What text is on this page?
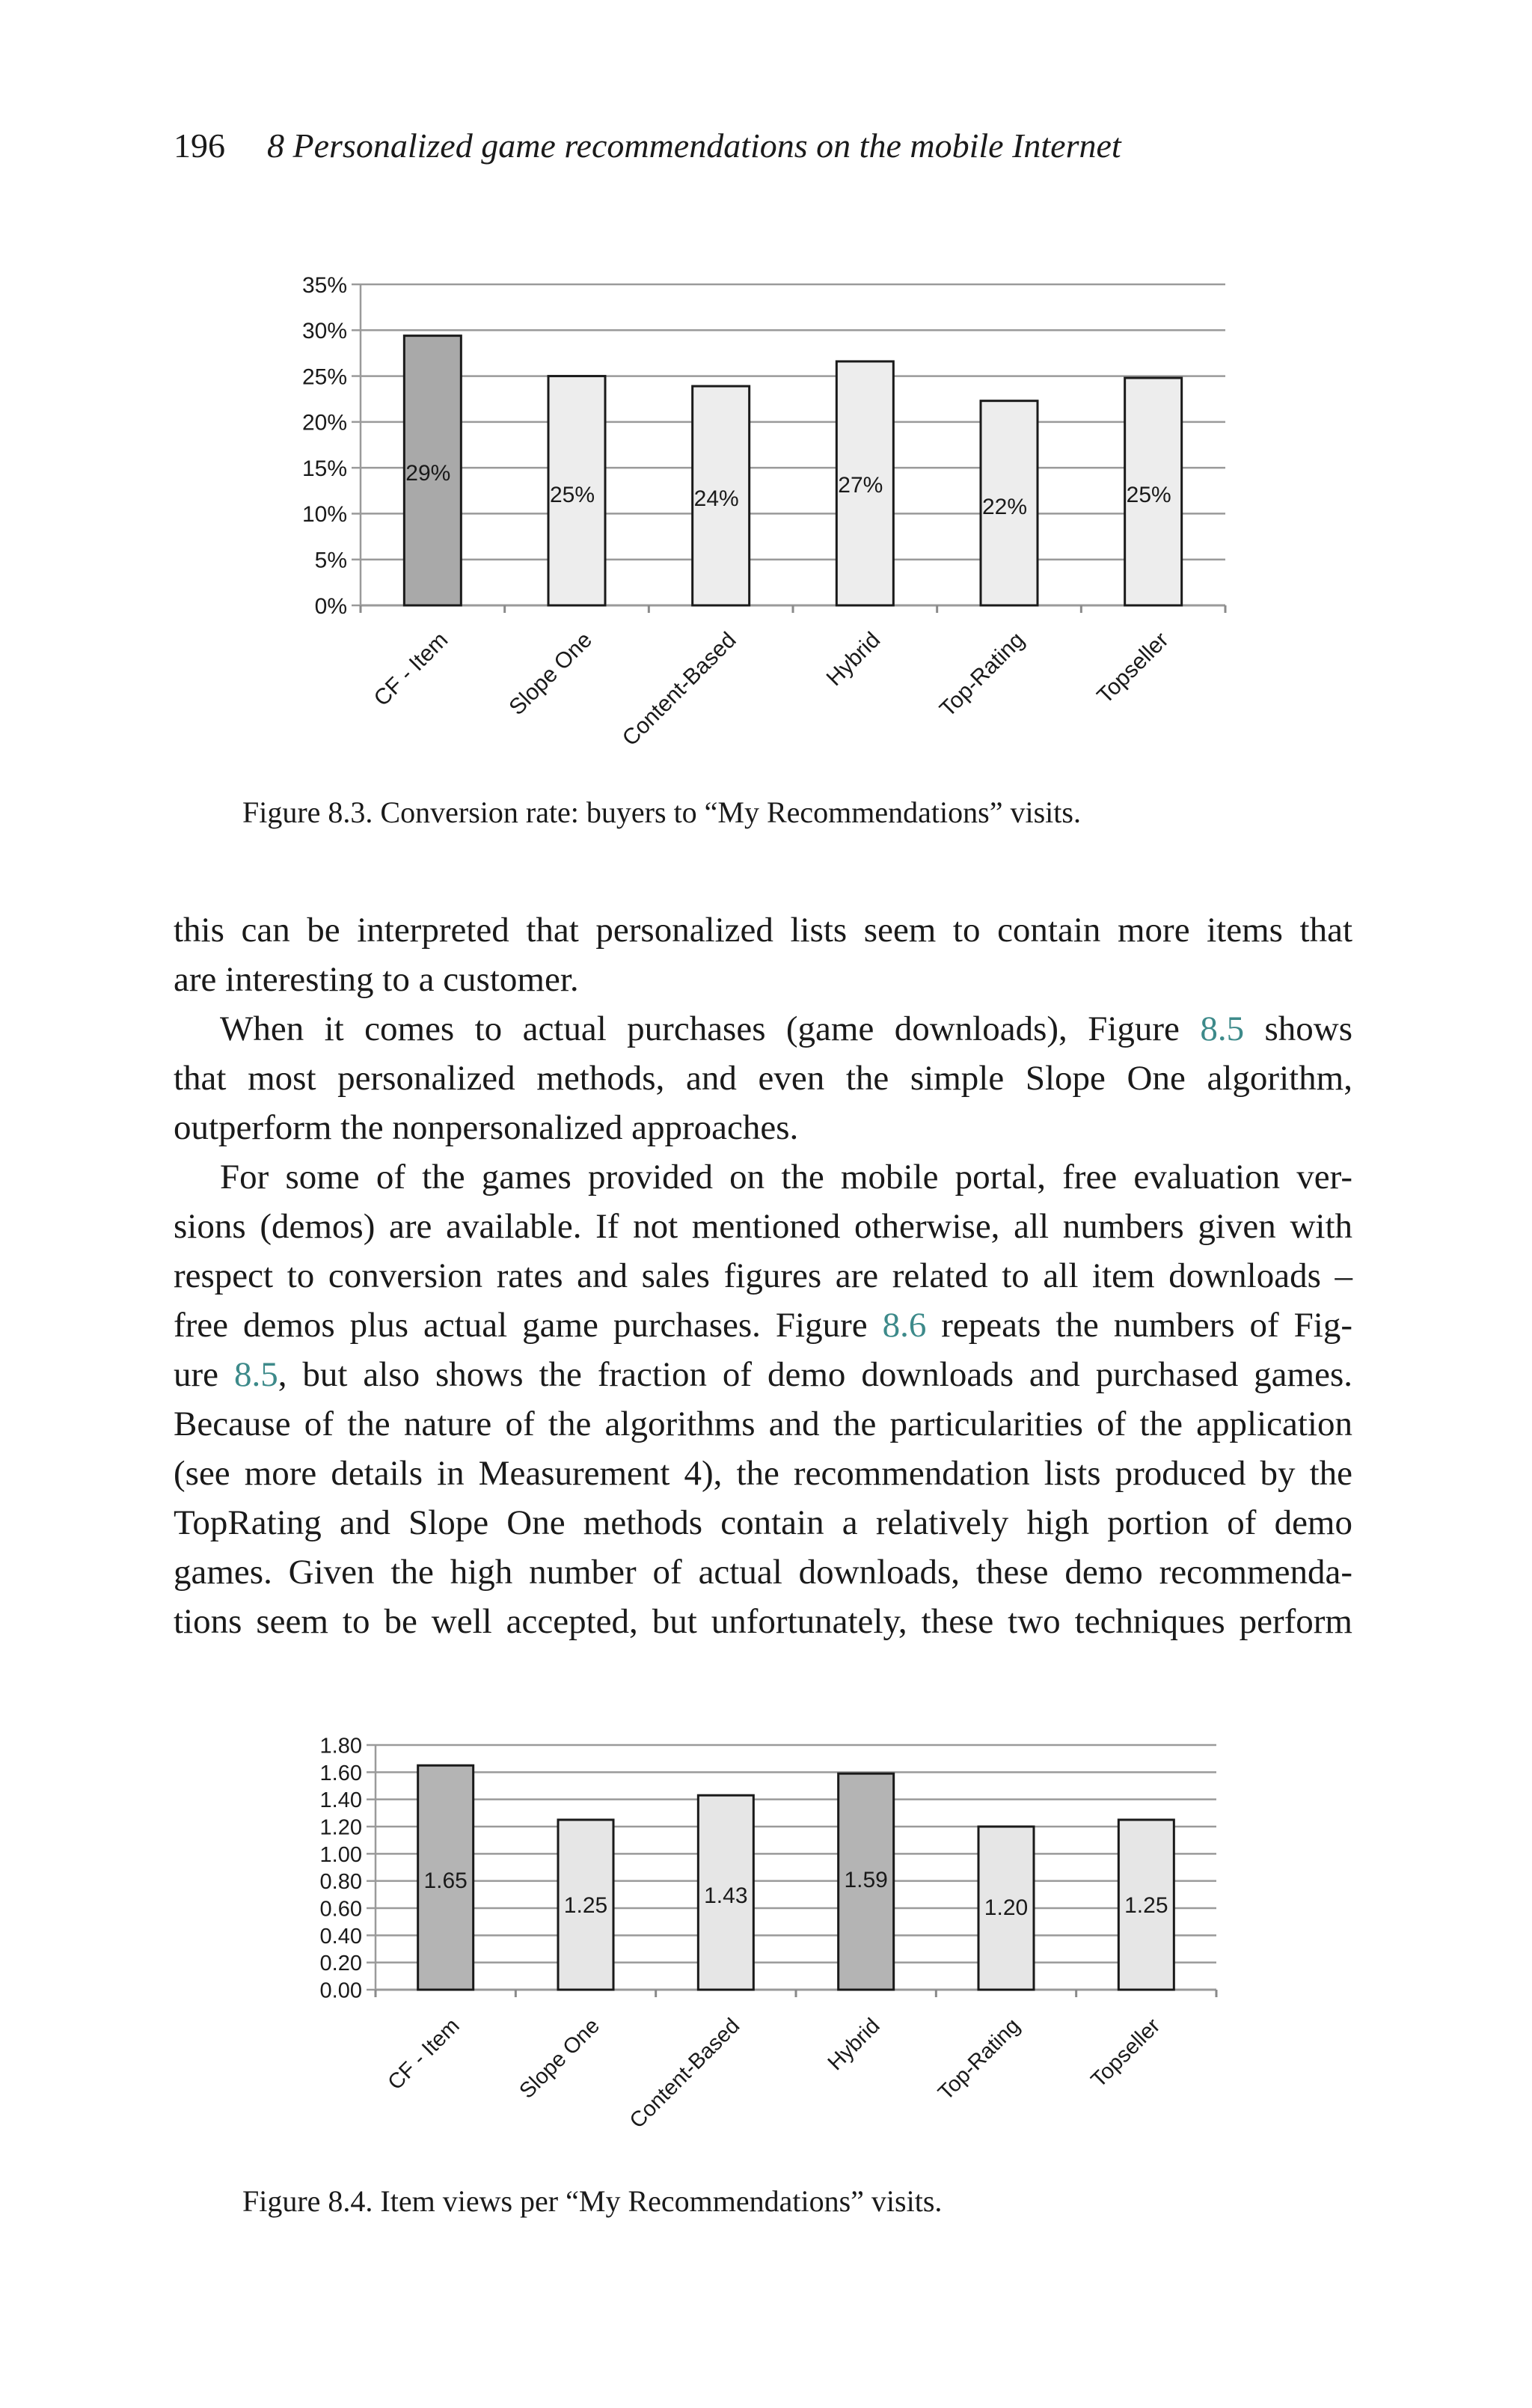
196 8 Personalized game recommendations on the mobile Internet
0%
5%
10%
15%
20%
25%
30%
35%
29%
CF - Item
25%
Slope One
24%
Content-Based
27%
Hybrid
22%
Top-Rating
25%
Topseller
Figure 8.3. Conversion rate: buyers to “My Recommendations” visits.
this can be interpreted that personalized lists seem to contain more items that
are interesting to a customer.
When it comes to actual purchases (game downloads), Figure 8.5 shows
that most personalized methods, and even the simple Slope One algorithm,
outperform the nonpersonalized approaches.
For some of the games provided on the mobile portal, free evaluation ver-
sions (demos) are available. If not mentioned otherwise, all numbers given with
respect to conversion rates and sales figures are related to all item downloads –
free demos plus actual game purchases. Figure 8.6 repeats the numbers of Fig-
ure 8.5, but also shows the fraction of demo downloads and purchased games.
Because of the nature of the algorithms and the particularities of the application
(see more details in Measurement 4), the recommendation lists produced by the
TopRating and Slope One methods contain a relatively high portion of demo
games. Given the high number of actual downloads, these demo recommenda-
tions seem to be well accepted, but unfortunately, these two techniques perform
0.00
0.20
0.40
0.60
0.80
1.00
1.20
1.40
1.60
1.80
1.65
CF - Item
1.25
Slope One
1.43
Content-Based
1.59
Hybrid
1.20
Top-Rating
1.25
Topseller
Figure 8.4. Item views per “My Recommendations” visits.
